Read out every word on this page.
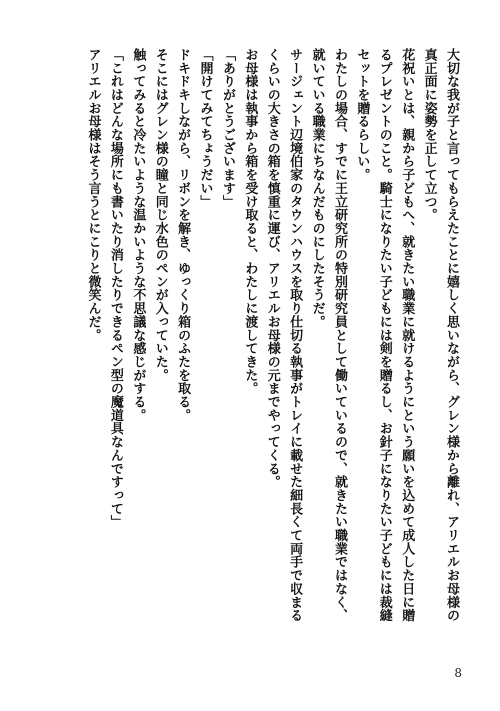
大切な我が子と言ってもらえたことに嬉しく思いながら、グレン様から離れ、アリエルお母様の
真正面に姿勢を正して立つ。
花祝いとは、親から子どもへ、就きたい職業に就けるようにという願いを込めて成人した日に贈
るプレゼントのこと。騎士になりたい子どもには剣を贈るし、お針子になりたい子どもには裁縫
セットを贈るらしい。
わたしの場合、すでに王立研究所の特別研究員として働いているので、就きたい職業ではなく、
就いている職業にちなんだものにしたそうだ。
サージェント辺境伯家のタウンハウスを取り仕切る執事がトレイに載せた細長くて両手で収まる
くらいの大きさの箱を慎重に運び、アリエルお母様の元までやってくる。
お母様は執事から箱を受け取ると、わたしに渡してきた。
「ありがとうございます」
「開けてみてちょうだい」
ドキドキしながら、リボンを解き、ゆっくり箱のふたを取る。
そこにはグレン様の瞳と同じ水色のペンが入っていた。
触ってみると冷たいような温かいような不思議な感じがする。
「これはどんな場所にも書いたり消したりできるペン型の魔道具なんですって」
アリエルお母様はそう言うとにこりと微笑んだ。
8
